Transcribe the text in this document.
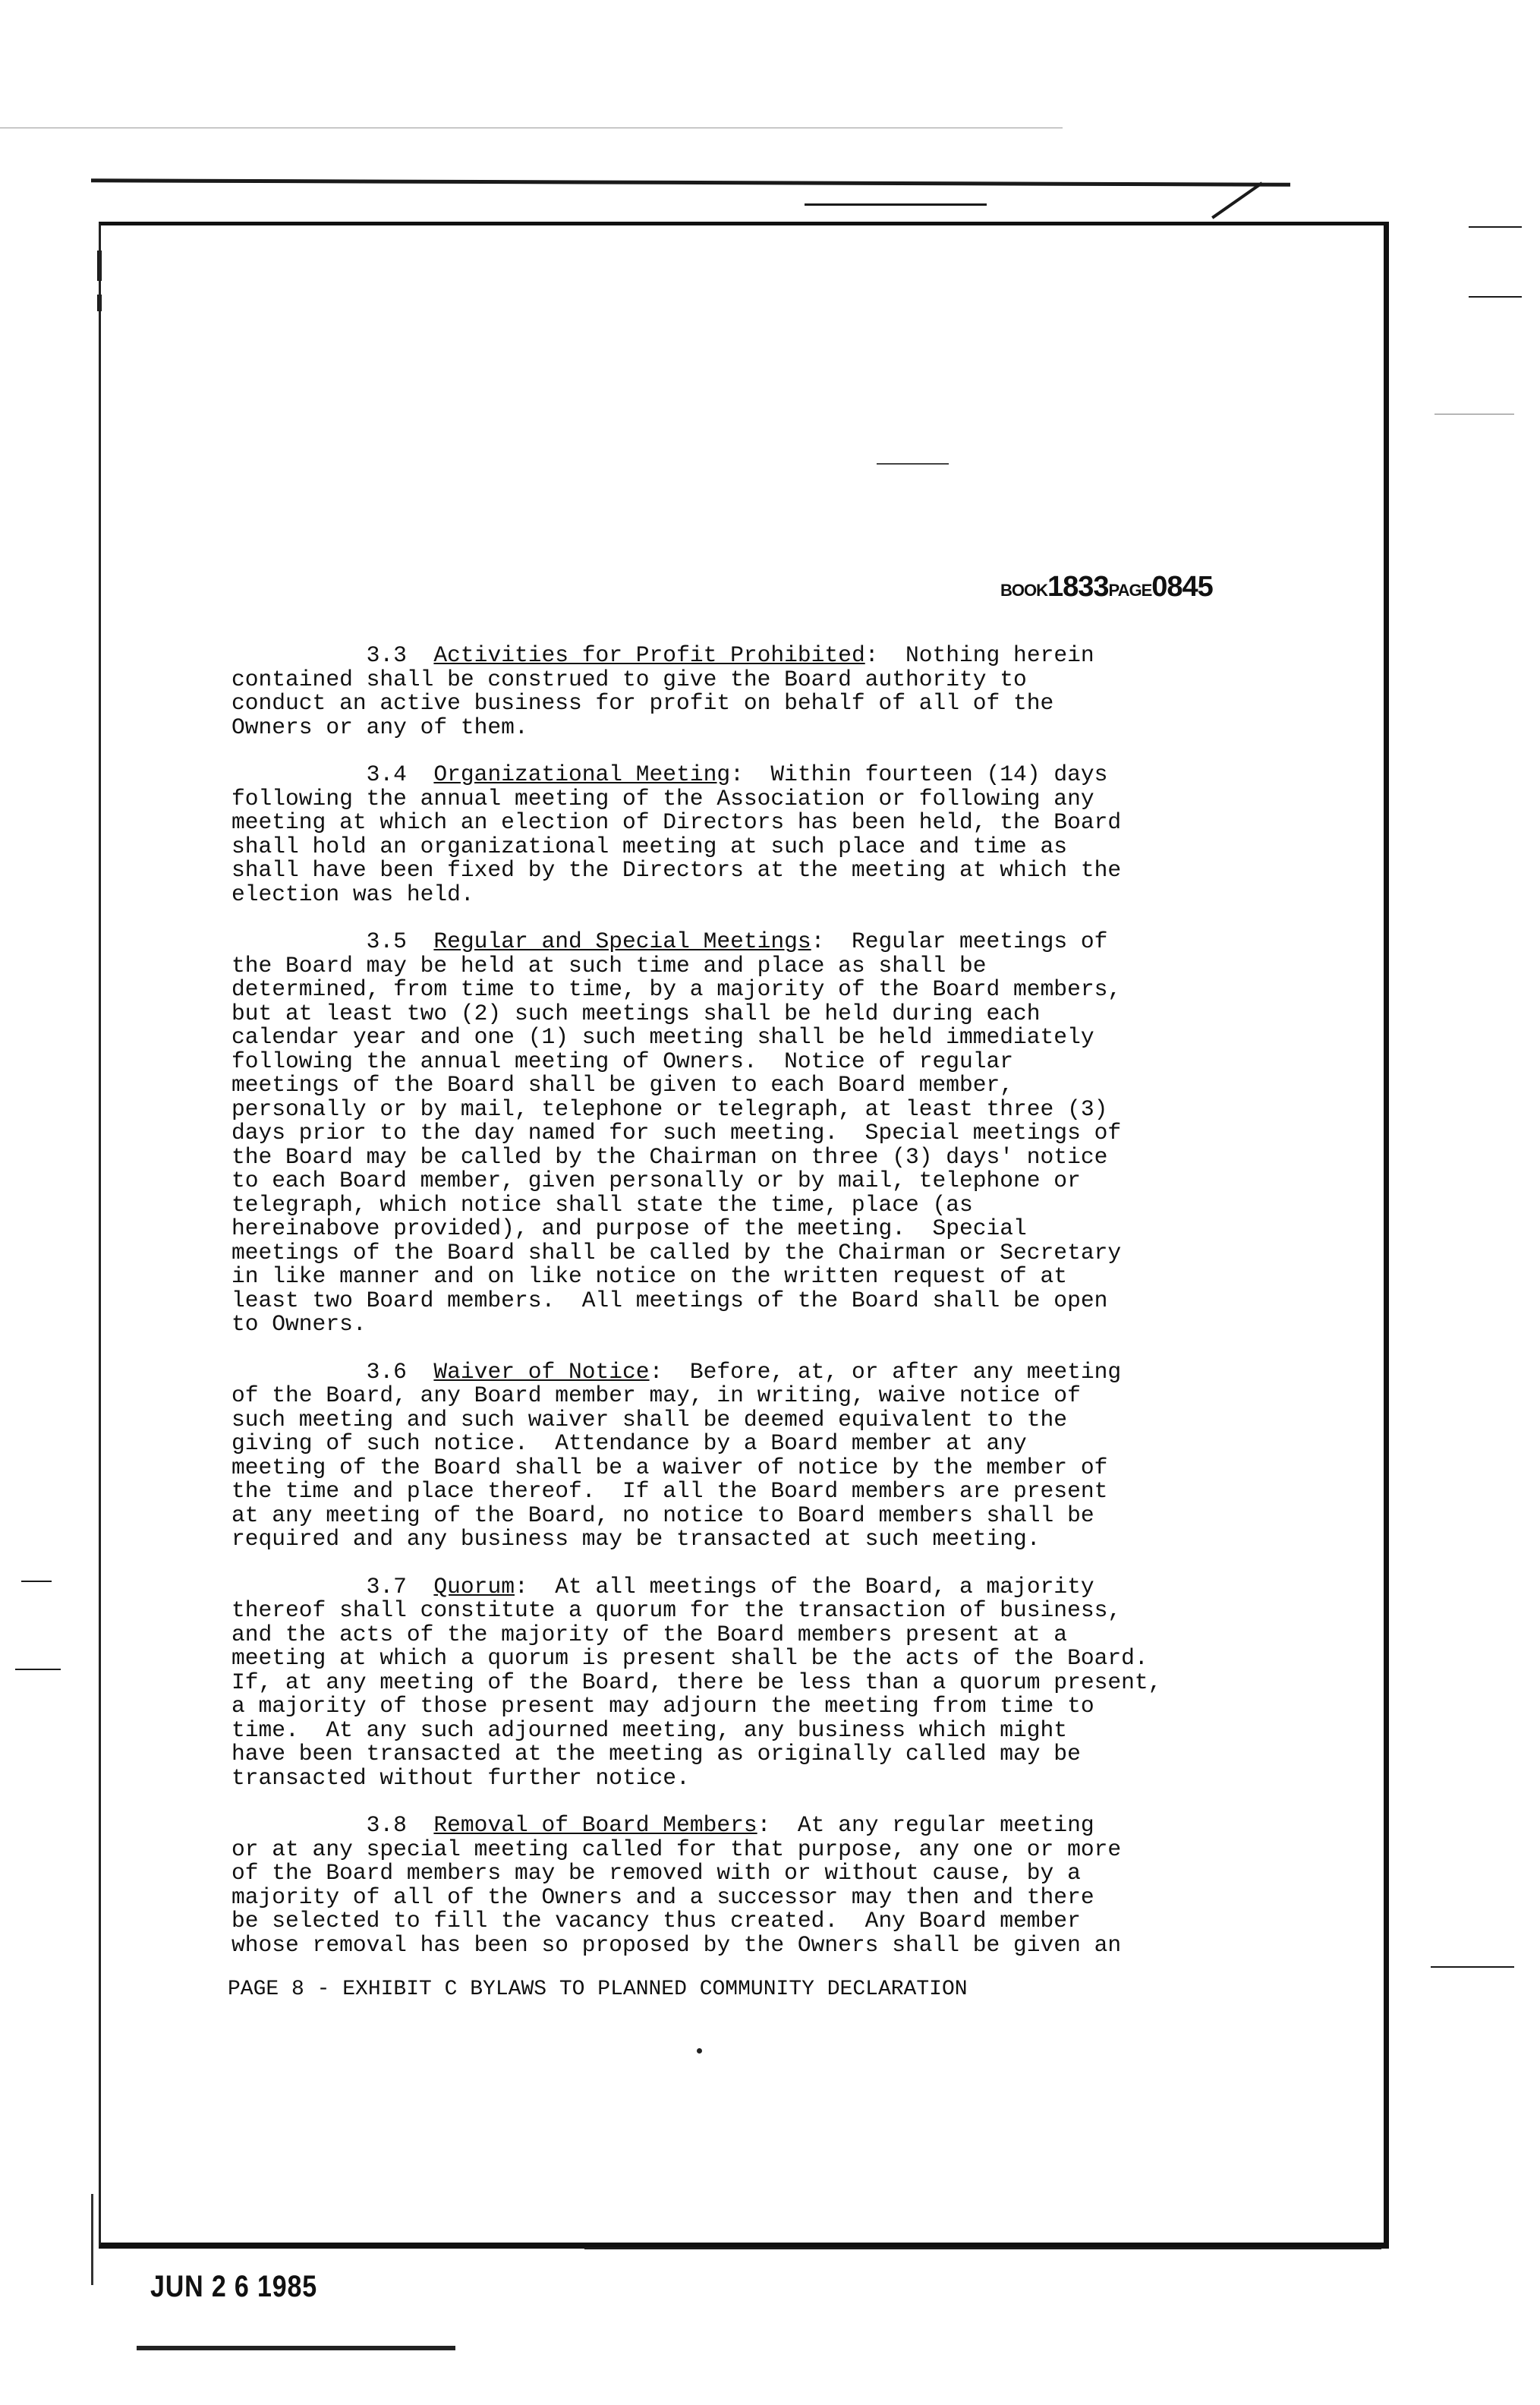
BOOK1833PAGE0845
3.3 Activities for Profit Prohibited:  Nothing herein
contained shall be construed to give the Board authority to
conduct an active business for profit on behalf of all of the
Owners or any of them.
3.4 Organizational Meeting:  Within fourteen (14) days
following the annual meeting of the Association or following any
meeting at which an election of Directors has been held, the Board
shall hold an organizational meeting at such place and time as
shall have been fixed by the Directors at the meeting at which the
election was held.
3.5 Regular and Special Meetings:  Regular meetings of
the Board may be held at such time and place as shall be
determined, from time to time, by a majority of the Board members,
but at least two (2) such meetings shall be held during each
calendar year and one (1) such meeting shall be held immediately
following the annual meeting of Owners.  Notice of regular
meetings of the Board shall be given to each Board member,
personally or by mail, telephone or telegraph, at least three (3)
days prior to the day named for such meeting.  Special meetings of
the Board may be called by the Chairman on three (3) days' notice
to each Board member, given personally or by mail, telephone or
telegraph, which notice shall state the time, place (as
hereinabove provided), and purpose of the meeting.  Special
meetings of the Board shall be called by the Chairman or Secretary
in like manner and on like notice on the written request of at
least two Board members.  All meetings of the Board shall be open
to Owners.
3.6 Waiver of Notice:  Before, at, or after any meeting
of the Board, any Board member may, in writing, waive notice of
such meeting and such waiver shall be deemed equivalent to the
giving of such notice.  Attendance by a Board member at any
meeting of the Board shall be a waiver of notice by the member of
the time and place thereof.  If all the Board members are present
at any meeting of the Board, no notice to Board members shall be
required and any business may be transacted at such meeting.
3.7 Quorum:  At all meetings of the Board, a majority
thereof shall constitute a quorum for the transaction of business,
and the acts of the majority of the Board members present at a
meeting at which a quorum is present shall be the acts of the Board.
If, at any meeting of the Board, there be less than a quorum present,
a majority of those present may adjourn the meeting from time to
time.  At any such adjourned meeting, any business which might
have been transacted at the meeting as originally called may be
transacted without further notice.
3.8 Removal of Board Members:  At any regular meeting
or at any special meeting called for that purpose, any one or more
of the Board members may be removed with or without cause, by a
majority of all of the Owners and a successor may then and there
be selected to fill the vacancy thus created.  Any Board member
whose removal has been so proposed by the Owners shall be given an
PAGE 8 - EXHIBIT C BYLAWS TO PLANNED COMMUNITY DECLARATION
JUN 2 6 1985
